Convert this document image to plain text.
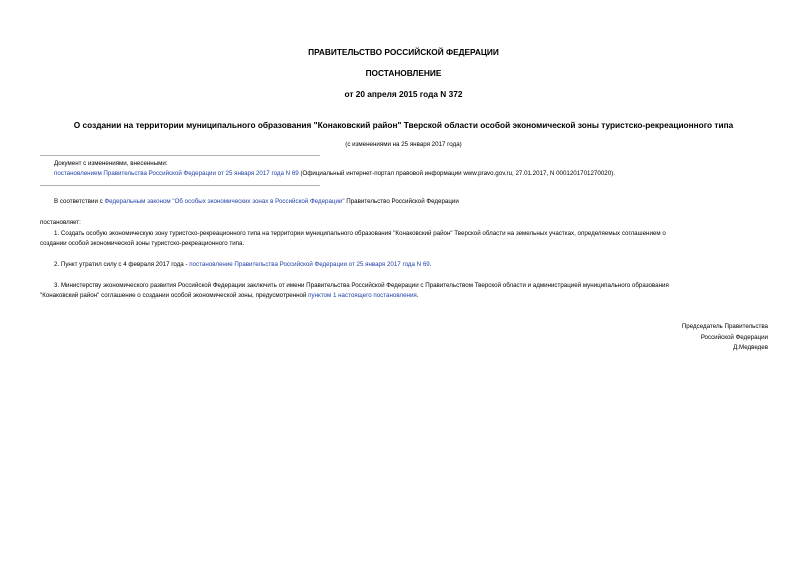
ПРАВИТЕЛЬСТВО РОССИЙСКОЙ ФЕДЕРАЦИИ
ПОСТАНОВЛЕНИЕ
от 20 апреля 2015 года N 372
О создании на территории муниципального образования "Конаковский район" Тверской области особой экономической зоны туристско-рекреационного типа
(с изменениями на 25 января 2017 года)
Документ с изменениями, внесенными:
постановлением Правительства Российской Федерации от 25 января 2017 года N 69 (Официальный интернет-портал правовой информации www.pravo.gov.ru, 27.01.2017, N 0001201701270020).
В соответствии с Федеральным законом "Об особых экономических зонах в Российской Федерации" Правительство Российской Федерации
постановляет:
1. Создать особую экономическую зону туристско-рекреационного типа на территории муниципального образования "Конаковский район" Тверской области на земельных участках, определяемых соглашением о
создании особой экономической зоны туристско-рекреационного типа.
2. Пункт утратил силу с 4 февраля 2017 года - постановление Правительства Российской Федерации от 25 января 2017 года N 69.
3. Министерству экономического развития Российской Федерации заключить от имени Правительства Российской Федерации с Правительством Тверской области и администрацией муниципального образования
"Конаковский район" соглашение о создании особой экономической зоны, предусмотренной пунктом 1 настоящего постановления.
Председатель Правительства
Российской Федерации
Д.Медведев
